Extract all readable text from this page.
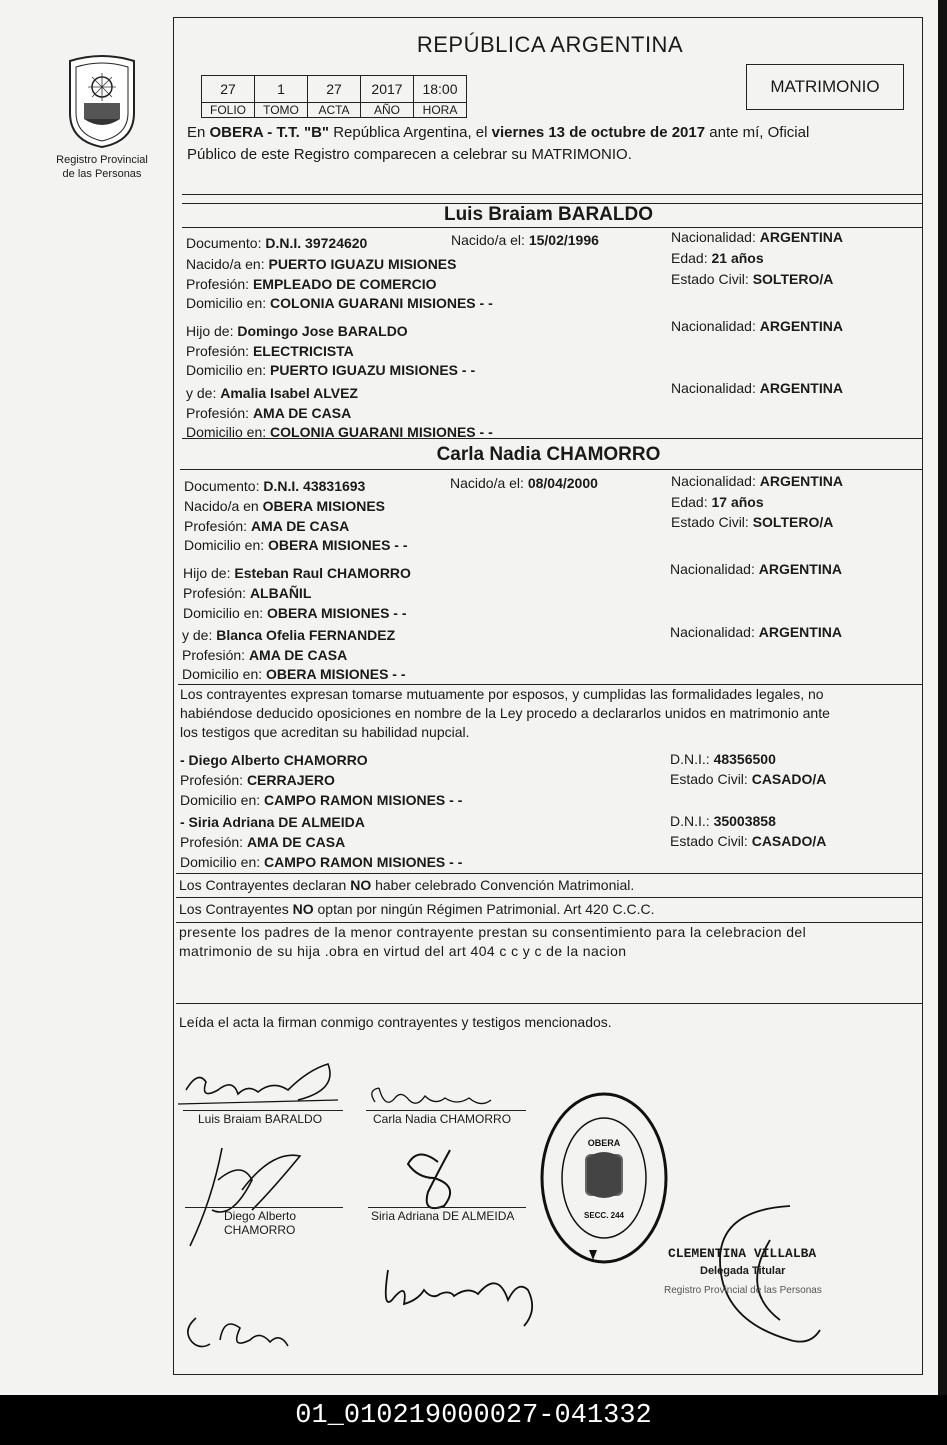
Registro Provincial
de las Personas
REPÚBLICA ARGENTINA
MATRIMONIO
27	1	27	2017	18:00
FOLIO	TOMO	ACTA	AÑO	HORA
En OBERA - T.T. "B" República Argentina, el viernes 13 de octubre de 2017 ante mí, Oficial
Público de este Registro comparecen a celebrar su MATRIMONIO.
Luis Braiam BARALDO
Documento: D.N.I. 39724620	Nacido/a el: 15/02/1996	Nacionalidad: ARGENTINA
Nacido/a en: PUERTO IGUAZU MISIONES	Edad: 21 años
Profesión: EMPLEADO DE COMERCIO	Estado Civil: SOLTERO/A
Domicilio en: COLONIA GUARANI MISIONES - -
Hijo de: Domingo Jose BARALDO	Nacionalidad: ARGENTINA
Profesión: ELECTRICISTA
Domicilio en: PUERTO IGUAZU MISIONES - -
y de: Amalia Isabel ALVEZ	Nacionalidad: ARGENTINA
Profesión: AMA DE CASA
Domicilio en: COLONIA GUARANI MISIONES - -
Carla Nadia CHAMORRO
Documento: D.N.I. 43831693	Nacido/a el: 08/04/2000	Nacionalidad: ARGENTINA
Nacido/a en OBERA MISIONES	Edad: 17 años
Profesión: AMA DE CASA	Estado Civil: SOLTERO/A
Domicilio en: OBERA MISIONES - -
Hijo de: Esteban Raul CHAMORRO	Nacionalidad: ARGENTINA
Profesión: ALBAÑIL
Domicilio en: OBERA MISIONES - -
y de: Blanca Ofelia FERNANDEZ	Nacionalidad: ARGENTINA
Profesión: AMA DE CASA
Domicilio en: OBERA MISIONES - -
Los contrayentes expresan tomarse mutuamente por esposos, y cumplidas las formalidades legales, no
habiéndose deducido oposiciones en nombre de la Ley procedo a declararlos unidos en matrimonio ante
los testigos que acreditan su habilidad nupcial.
- Diego Alberto CHAMORRO	D.N.I.: 48356500
Profesión: CERRAJERO	Estado Civil: CASADO/A
Domicilio en: CAMPO RAMON MISIONES - -
- Siria Adriana DE ALMEIDA	D.N.I.: 35003858
Profesión: AMA DE CASA	Estado Civil: CASADO/A
Domicilio en: CAMPO RAMON MISIONES - -
Los Contrayentes declaran NO haber celebrado Convención Matrimonial.
Los Contrayentes NO optan por ningún Régimen Patrimonial. Art 420 C.C.C.
presente los padres de la menor contrayente prestan su consentimiento para la celebracion del
matrimonio de su hija .obra en virtud del art 404 c c y c de la nacion
Leída el acta la firman conmigo contrayentes y testigos mencionados.
Luis Braiam BARALDO	Carla Nadia CHAMORRO
Diego Alberto
CHAMORRO
Siria Adriana DE ALMEIDA
OBERA
SECC. 244
CLEMENTINA VILLALBA
Delegada Titular
Registro Provincial de las Personas
01_010219000027-041332
